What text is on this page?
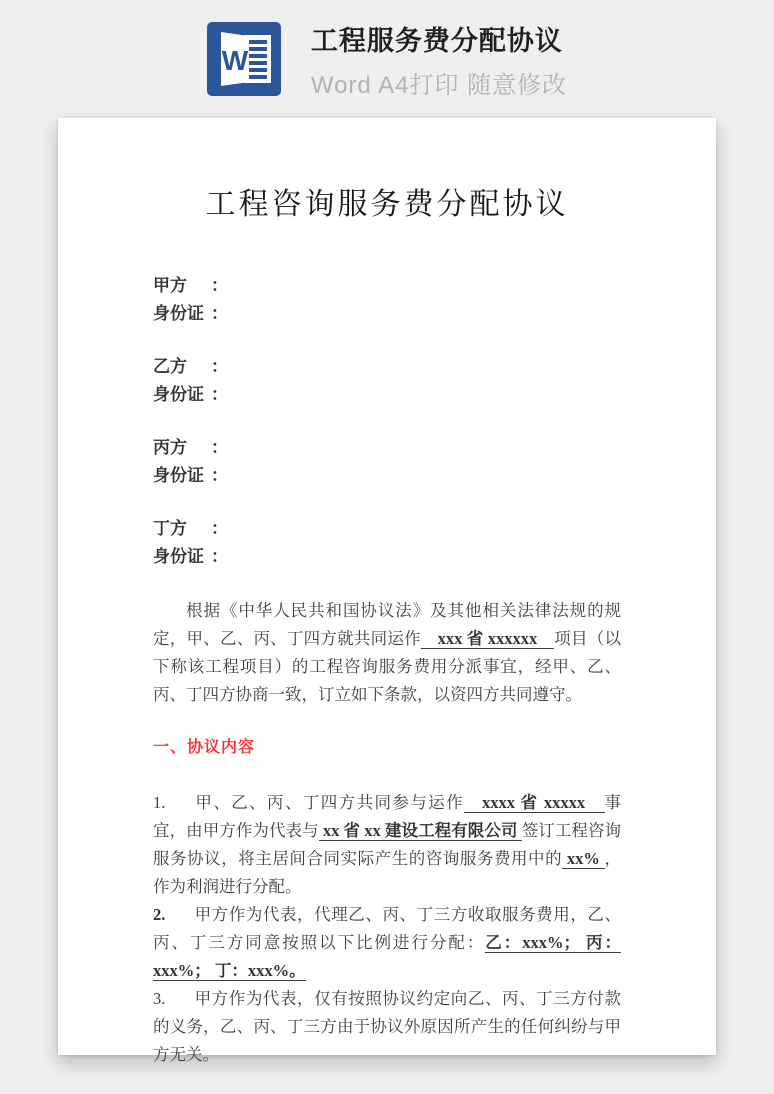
W
工程服务费分配协议
Word A4打印 随意修改
工程咨询服务费分配协议
甲方 ：
身份证 ：
乙方 ：
身份证 ：
丙方 ：
身份证 ：
丁方 ：
身份证 ：

根据《中华人民共和国协议法》及其他相关法律法规的规定，甲、乙、丙、丁四方就共同运作　xxx 省 xxxxxx　项目（以下称该工程项目）的工程咨询服务费用分派事宜，经甲、乙、丙、丁四方协商一致，订立如下条款，以资四方共同遵守。

一、协议内容

1. 甲、乙、丙、丁四方共同参与运作　xxxx 省 xxxxx　事宜，由甲方作为代表与 xx 省 xx 建设工程有限公司 签订工程咨询服务协议，将主居间合同实际产生的咨询服务费用中的 xx% ，作为利润进行分配。

2. 甲方作为代表，代理乙、丙、丁三方收取服务费用，乙、丙、丁三方同意按照以下比例进行分配：乙：xxx%； 丙：xxx%； 丁：xxx%。

3. 甲方作为代表，仅有按照协议约定向乙、丙、丁三方付款的义务，乙、丙、丁三方由于协议外原因所产生的任何纠纷与甲方无关。
